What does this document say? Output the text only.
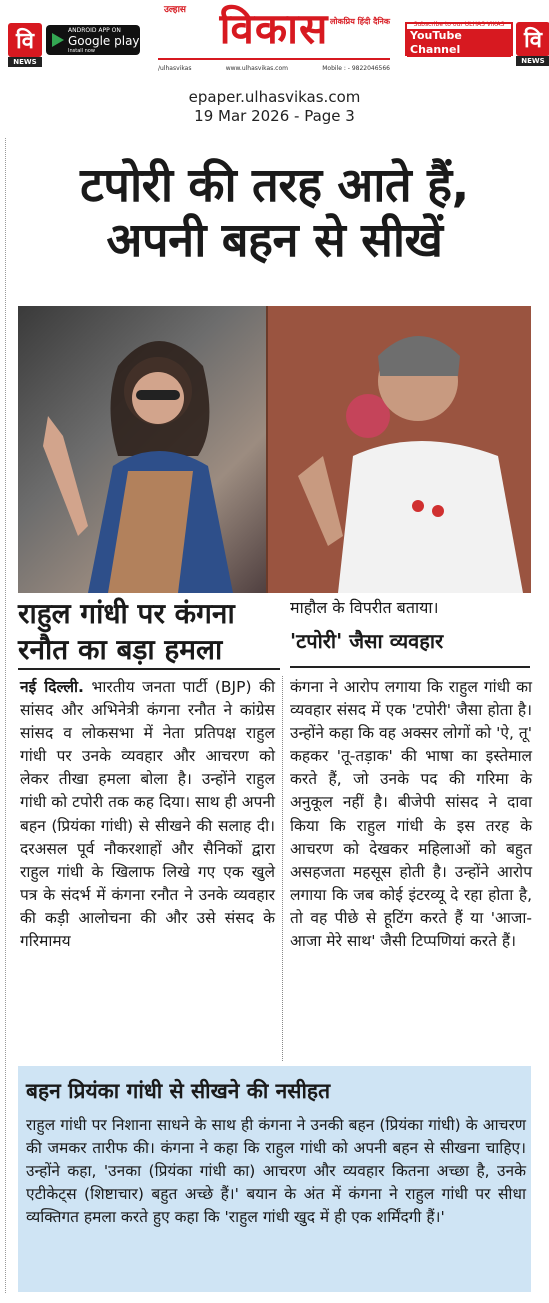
वि
NEWS
ANDROID APP ON
Google play
Install now
उल्हास
लोकप्रिय हिंदी दैनिक
विकास
/ulhasvikas	www.ulhasvikas.com	Mobile : - 9822046566
Subscribe to our ULHAS VIKAS
YouTube Channel	वि
NEWS
epaper.ulhasvikas.com
19 Mar 2026 - Page 3
टपोरी की तरह आते हैं,
अपनी बहन से सीखें
राहुल गांधी पर कंगना
रनौत का बड़ा हमला
माहौल के विपरीत बताया।
'टपोरी' जैसा व्यवहार
नई दिल्ली. भारतीय जनता पार्टी (BJP) की सांसद और अभिनेत्री कंगना रनौत ने कांग्रेस सांसद व लोकसभा में नेता प्रतिपक्ष राहुल गांधी पर उनके व्यवहार और आचरण को लेकर तीखा हमला बोला है। उन्होंने राहुल गांधी को टपोरी तक कह दिया। साथ ही अपनी बहन (प्रियंका गांधी) से सीखने की सलाह दी। दरअसल पूर्व नौकरशाहों और सैनिकों द्वारा राहुल गांधी के खिलाफ लिखे गए एक खुले पत्र के संदर्भ में कंगना रनौत ने उनके व्यवहार की कड़ी आलोचना की और उसे संसद के गरिमामय
कंगना ने आरोप लगाया कि राहुल गांधी का व्यवहार संसद में एक 'टपोरी' जैसा होता है। उन्होंने कहा कि वह अक्सर लोगों को 'ऐ, तू' कहकर 'तू-तड़ाक' की भाषा का इस्तेमाल करते हैं, जो उनके पद की गरिमा के अनुकूल नहीं है। बीजेपी सांसद ने दावा किया कि राहुल गांधी के इस तरह के आचरण को देखकर महिलाओं को बहुत असहजता महसूस होती है। उन्होंने आरोप लगाया कि जब कोई इंटरव्यू दे रहा होता है, तो वह पीछे से हूटिंग करते हैं या 'आजा-आजा मेरे साथ' जैसी टिप्पणियां करते हैं।
बहन प्रियंका गांधी से सीखने की नसीहत
राहुल गांधी पर निशाना साधने के साथ ही कंगना ने उनकी बहन (प्रियंका गांधी) के आचरण की जमकर तारीफ की। कंगना ने कहा कि राहुल गांधी को अपनी बहन से सीखना चाहिए। उन्होंने कहा, 'उनका (प्रियंका गांधी का) आचरण और व्यवहार कितना अच्छा है, उनके एटीकेट्स (शिष्टाचार) बहुत अच्छे हैं।' बयान के अंत में कंगना ने राहुल गांधी पर सीधा व्यक्तिगत हमला करते हुए कहा कि 'राहुल गांधी खुद में ही एक शर्मिंदगी हैं।'
